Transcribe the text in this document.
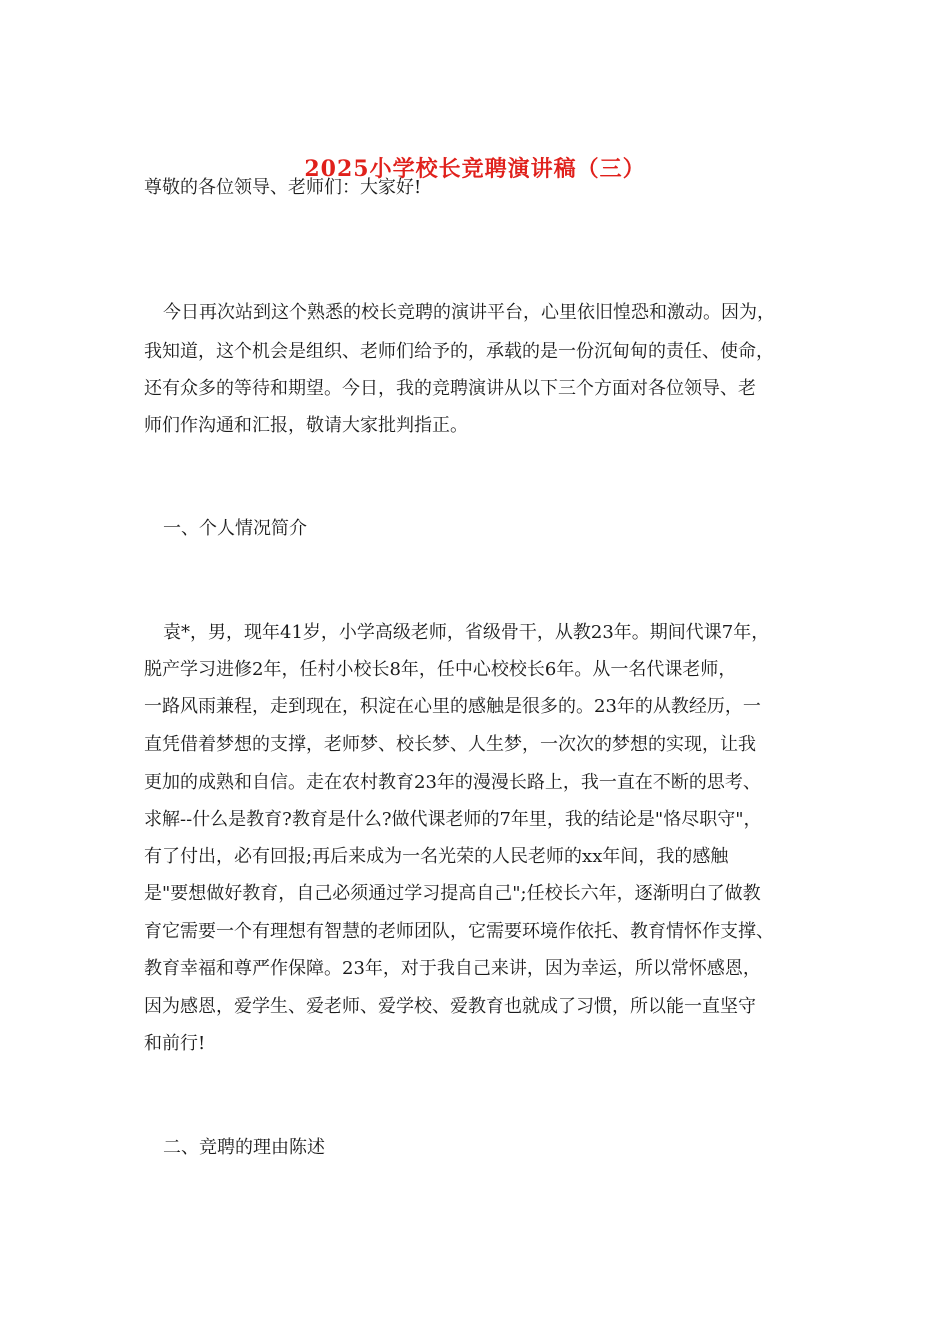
2025小学校长竞聘演讲稿（三）
尊敬的各位领导、老师们：大家好!
今日再次站到这个熟悉的校长竞聘的演讲平台，心里依旧惶恐和激动。因为，
我知道，这个机会是组织、老师们给予的，承载的是一份沉甸甸的责任、使命，
还有众多的等待和期望。今日，我的竞聘演讲从以下三个方面对各位领导、老
师们作沟通和汇报，敬请大家批判指正。
一、个人情况简介
袁*，男，现年41岁，小学高级老师，省级骨干，从教23年。期间代课7年，
脱产学习进修2年，任村小校长8年，任中心校校长6年。从一名代课老师，
一路风雨兼程，走到现在，积淀在心里的感触是很多的。23年的从教经历，一
直凭借着梦想的支撑，老师梦、校长梦、人生梦，一次次的梦想的实现，让我
更加的成熟和自信。走在农村教育23年的漫漫长路上，我一直在不断的思考、
求解--什么是教育?教育是什么?做代课老师的7年里，我的结论是"恪尽职守"，
有了付出，必有回报;再后来成为一名光荣的人民老师的xx年间，我的感触
是"要想做好教育，自己必须通过学习提高自己";任校长六年，逐渐明白了做教
育它需要一个有理想有智慧的老师团队，它需要环境作依托、教育情怀作支撑、
教育幸福和尊严作保障。23年，对于我自己来讲，因为幸运，所以常怀感恩，
因为感恩，爱学生、爱老师、爱学校、爱教育也就成了习惯，所以能一直坚守
和前行!
二、竞聘的理由陈述
